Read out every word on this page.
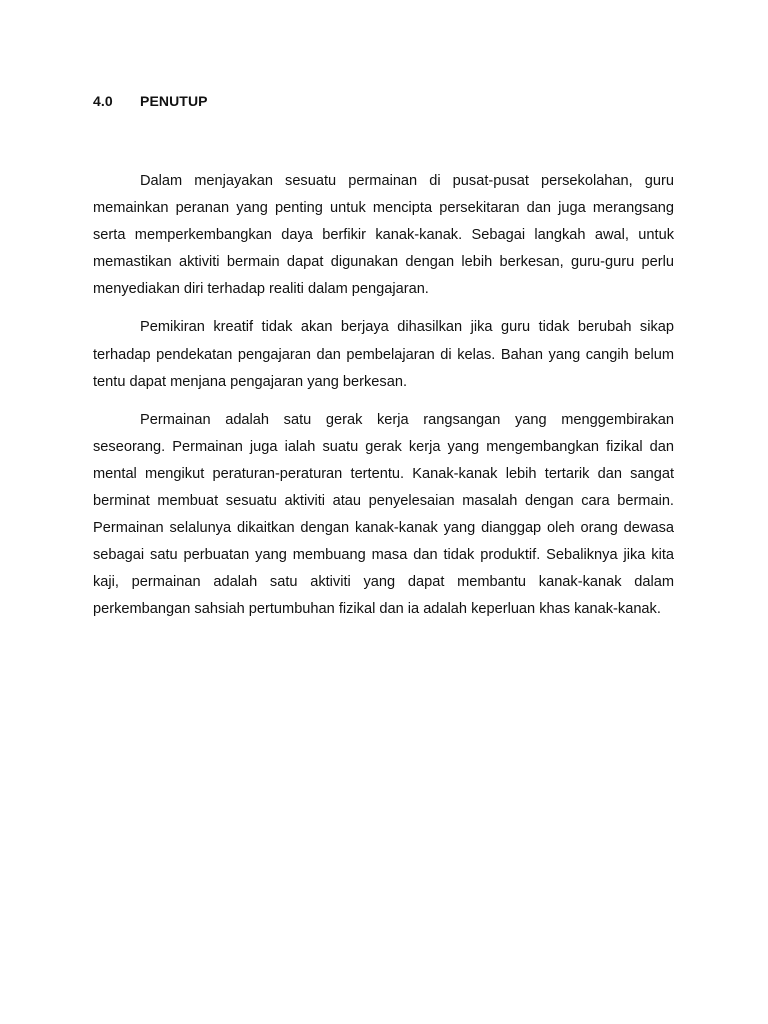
4.0 PENUTUP

Dalam menjayakan sesuatu permainan di pusat-pusat persekolahan, guru memainkan peranan yang penting untuk mencipta persekitaran dan juga merangsang serta memperkembangkan daya berfikir kanak-kanak. Sebagai langkah awal, untuk memastikan aktiviti bermain dapat digunakan dengan lebih berkesan, guru-guru perlu menyediakan diri terhadap realiti dalam pengajaran.

Pemikiran kreatif tidak akan berjaya dihasilkan jika guru tidak berubah sikap terhadap pendekatan pengajaran dan pembelajaran di kelas. Bahan yang cangih belum tentu dapat menjana pengajaran yang berkesan.

Permainan adalah satu gerak kerja rangsangan yang menggembirakan seseorang. Permainan juga ialah suatu gerak kerja yang mengembangkan fizikal dan mental mengikut peraturan-peraturan tertentu. Kanak-kanak lebih tertarik dan sangat berminat membuat sesuatu aktiviti atau penyelesaian masalah dengan cara bermain. Permainan selalunya dikaitkan dengan kanak-kanak yang dianggap oleh orang dewasa sebagai satu perbuatan yang membuang masa dan tidak produktif. Sebaliknya jika kita kaji, permainan adalah satu aktiviti yang dapat membantu kanak-kanak dalam perkembangan sahsiah pertumbuhan fizikal dan ia adalah keperluan khas kanak-kanak.
